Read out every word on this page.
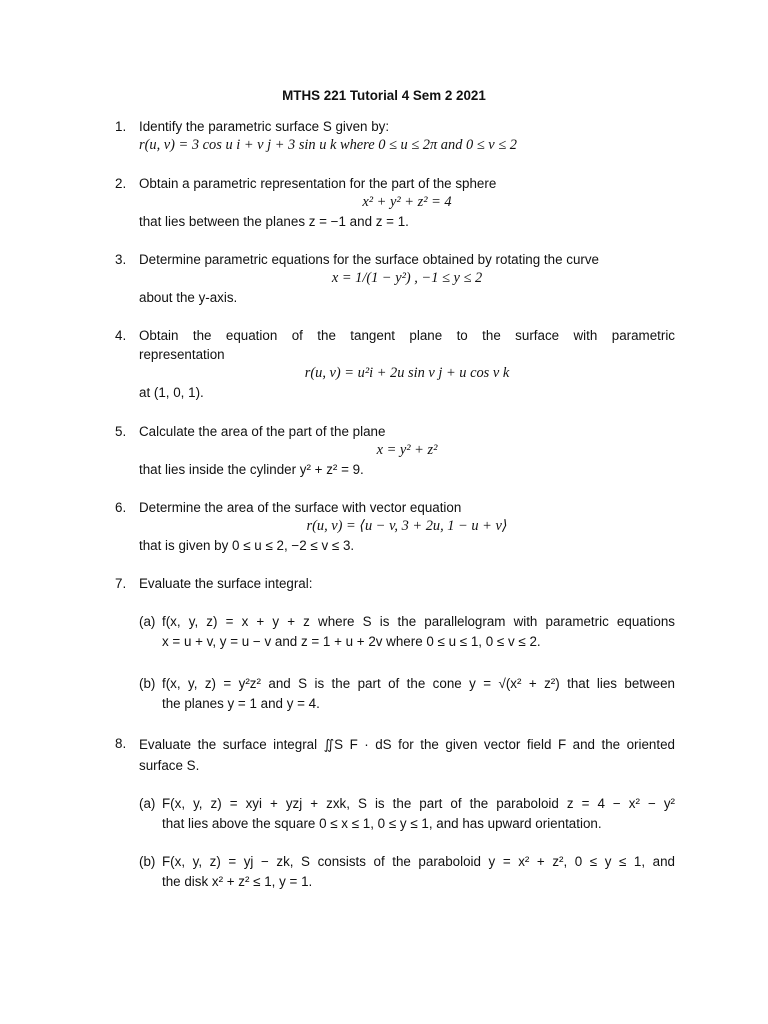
MTHS 221 Tutorial 4 Sem 2 2021
1. Identify the parametric surface S given by:
r(u, v) = 3 cos u i + v j + 3 sin u k where 0 ≤ u ≤ 2π and 0 ≤ v ≤ 2
2. Obtain a parametric representation for the part of the sphere
x² + y² + z² = 4
that lies between the planes z = −1 and z = 1.
3. Determine parametric equations for the surface obtained by rotating the curve
x = 1/(1 − y²) , −1 ≤ y ≤ 2
about the y-axis.
4. Obtain the equation of the tangent plane to the surface with parametric
representation
r(u, v) = u²i + 2u sin v j + u cos v k
at (1, 0, 1).
5. Calculate the area of the part of the plane
x = y² + z²
that lies inside the cylinder y² + z² = 9.
6. Determine the area of the surface with vector equation
r(u, v) = ⟨u − v, 3 + 2u, 1 − u + v⟩
that is given by 0 ≤ u ≤ 2, −2 ≤ v ≤ 3.
7. Evaluate the surface integral:
(a) f(x, y, z) = x + y + z where S is the parallelogram with parametric equations
x = u + v, y = u − v and z = 1 + u + 2v where 0 ≤ u ≤ 1, 0 ≤ v ≤ 2.
(b) f(x, y, z) = y²z² and S is the part of the cone y = √(x² + z²) that lies between
the planes y = 1 and y = 4.
8. Evaluate the surface integral ∬S F · dS for the given vector field F and the oriented
surface S.
(a) F(x, y, z) = xyi + yzj + zxk, S is the part of the paraboloid z = 4 − x² − y²
that lies above the square 0 ≤ x ≤ 1, 0 ≤ y ≤ 1, and has upward orientation.
(b) F(x, y, z) = yj − zk, S consists of the paraboloid y = x² + z², 0 ≤ y ≤ 1, and
the disk x² + z² ≤ 1, y = 1.
